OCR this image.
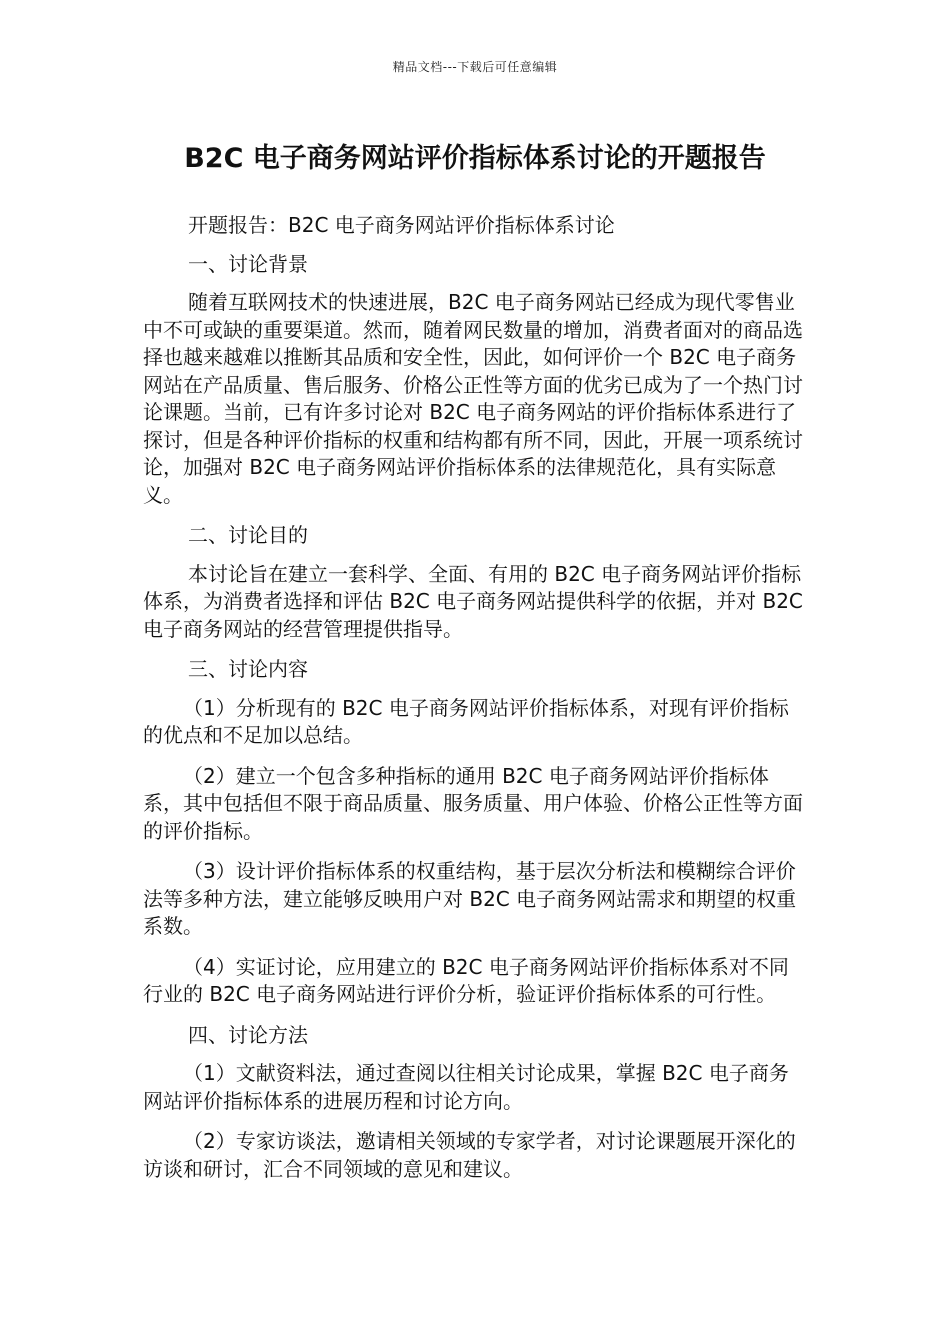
精品文档---下载后可任意编辑
B2C 电子商务网站评价指标体系讨论的开题报告

开题报告：B2C 电子商务网站评价指标体系讨论

一、讨论背景

随着互联网技术的快速进展，B2C 电子商务网站已经成为现代零售业中不可或缺的重要渠道。然而，随着网民数量的增加，消费者面对的商品选择也越来越难以推断其品质和安全性，因此，如何评价一个 B2C 电子商务网站在产品质量、售后服务、价格公正性等方面的优劣已成为了一个热门讨论课题。当前，已有许多讨论对 B2C 电子商务网站的评价指标体系进行了探讨，但是各种评价指标的权重和结构都有所不同，因此，开展一项系统讨论，加强对 B2C 电子商务网站评价指标体系的法律规范化，具有实际意义。

二、讨论目的

本讨论旨在建立一套科学、全面、有用的 B2C 电子商务网站评价指标体系，为消费者选择和评估 B2C 电子商务网站提供科学的依据，并对 B2C 电子商务网站的经营管理提供指导。

三、讨论内容

（1）分析现有的 B2C 电子商务网站评价指标体系，对现有评价指标的优点和不足加以总结。

（2）建立一个包含多种指标的通用 B2C 电子商务网站评价指标体系，其中包括但不限于商品质量、服务质量、用户体验、价格公正性等方面的评价指标。

（3）设计评价指标体系的权重结构，基于层次分析法和模糊综合评价法等多种方法，建立能够反映用户对 B2C 电子商务网站需求和期望的权重系数。

（4）实证讨论，应用建立的 B2C 电子商务网站评价指标体系对不同行业的 B2C 电子商务网站进行评价分析，验证评价指标体系的可行性。

四、讨论方法

（1）文献资料法，通过查阅以往相关讨论成果，掌握 B2C 电子商务网站评价指标体系的进展历程和讨论方向。

（2）专家访谈法，邀请相关领域的专家学者，对讨论课题展开深化的访谈和研讨，汇合不同领域的意见和建议。
